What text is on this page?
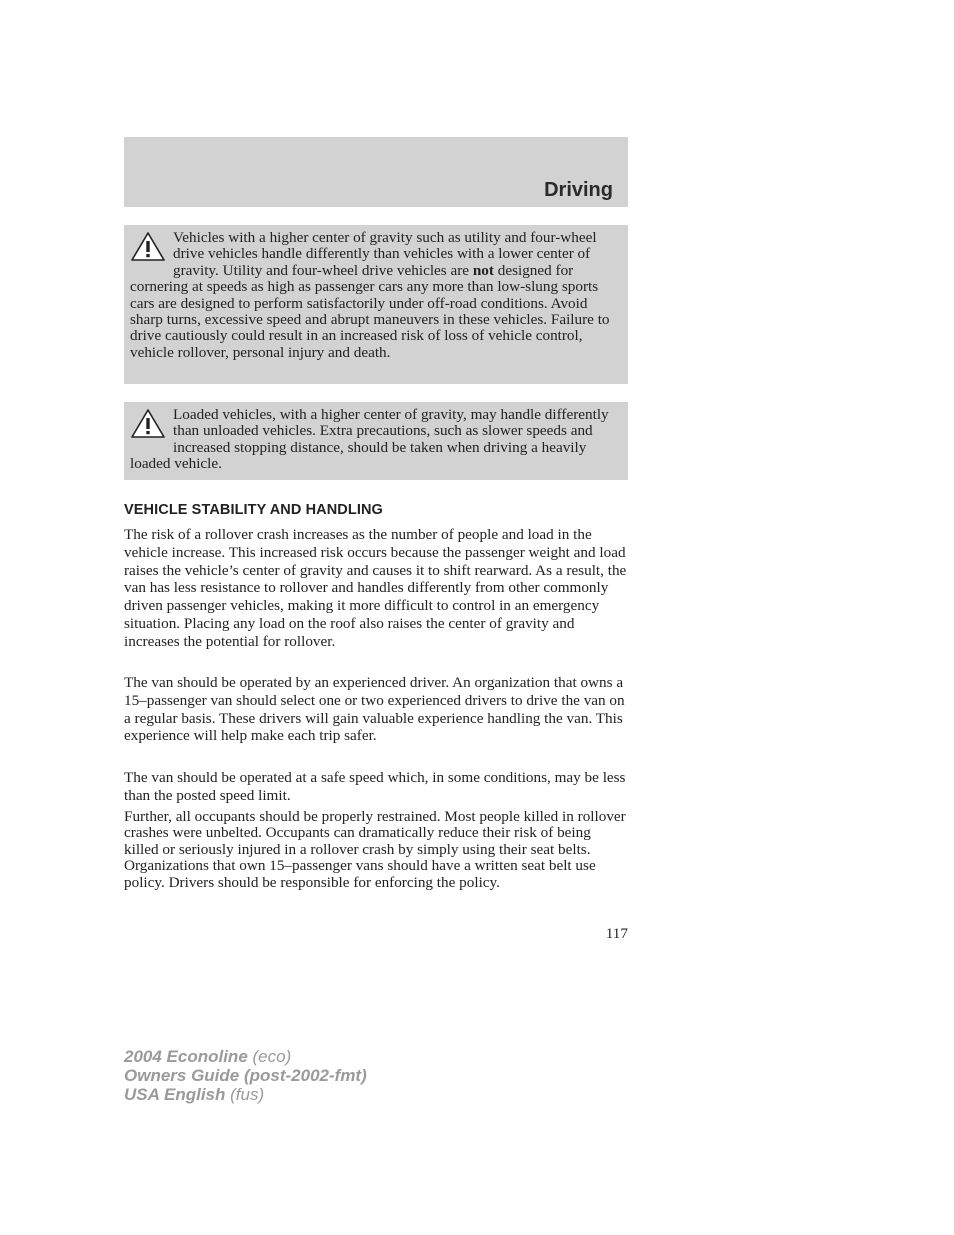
Driving
Vehicles with a higher center of gravity such as utility and four-wheel drive vehicles handle differently than vehicles with a lower center of gravity. Utility and four-wheel drive vehicles are not designed for cornering at speeds as high as passenger cars any more than low-slung sports cars are designed to perform satisfactorily under off-road conditions. Avoid sharp turns, excessive speed and abrupt maneuvers in these vehicles. Failure to drive cautiously could result in an increased risk of loss of vehicle control, vehicle rollover, personal injury and death.
Loaded vehicles, with a higher center of gravity, may handle differently than unloaded vehicles. Extra precautions, such as slower speeds and increased stopping distance, should be taken when driving a heavily loaded vehicle.
VEHICLE STABILITY AND HANDLING

The risk of a rollover crash increases as the number of people and load in the vehicle increase. This increased risk occurs because the passenger weight and load raises the vehicle’s center of gravity and causes it to shift rearward. As a result, the van has less resistance to rollover and handles differently from other commonly driven passenger vehicles, making it more difficult to control in an emergency situation. Placing any load on the roof also raises the center of gravity and increases the potential for rollover.

The van should be operated by an experienced driver. An organization that owns a 15–passenger van should select one or two experienced drivers to drive the van on a regular basis. These drivers will gain valuable experience handling the van. This experience will help make each trip safer.

The van should be operated at a safe speed which, in some conditions, may be less than the posted speed limit.

Further, all occupants should be properly restrained. Most people killed in rollover crashes were unbelted. Occupants can dramatically reduce their risk of being killed or seriously injured in a rollover crash by simply using their seat belts. Organizations that own 15–passenger vans should have a written seat belt use policy. Drivers should be responsible for enforcing the policy.

117
2004 Econoline (eco)
Owners Guide (post-2002-fmt)
USA English (fus)
